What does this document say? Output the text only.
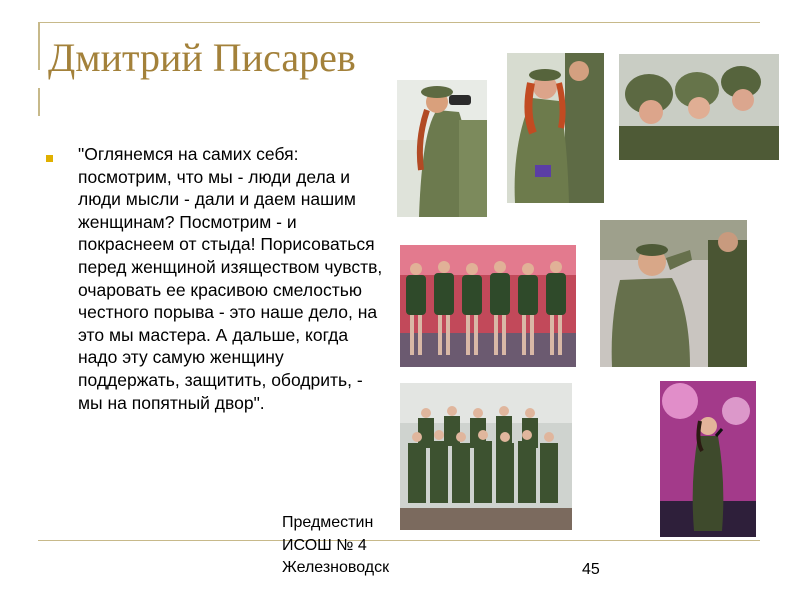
Дмитрий Писарев
"Оглянемся на самих себя: посмотрим, что мы - люди дела и люди мысли - дали и даем нашим женщинам? Посмотрим - и покраснеем от стыда! Порисоваться перед женщиной изяществом чувств, очаровать ее красивою смелостью честного порыва - это наше дело, на это мы мастера. А дальше, когда надо эту самую женщину поддержать, защитить, ободрить, - мы на попятный двор".
Предместин
ИСОШ № 4
Железноводск	45
